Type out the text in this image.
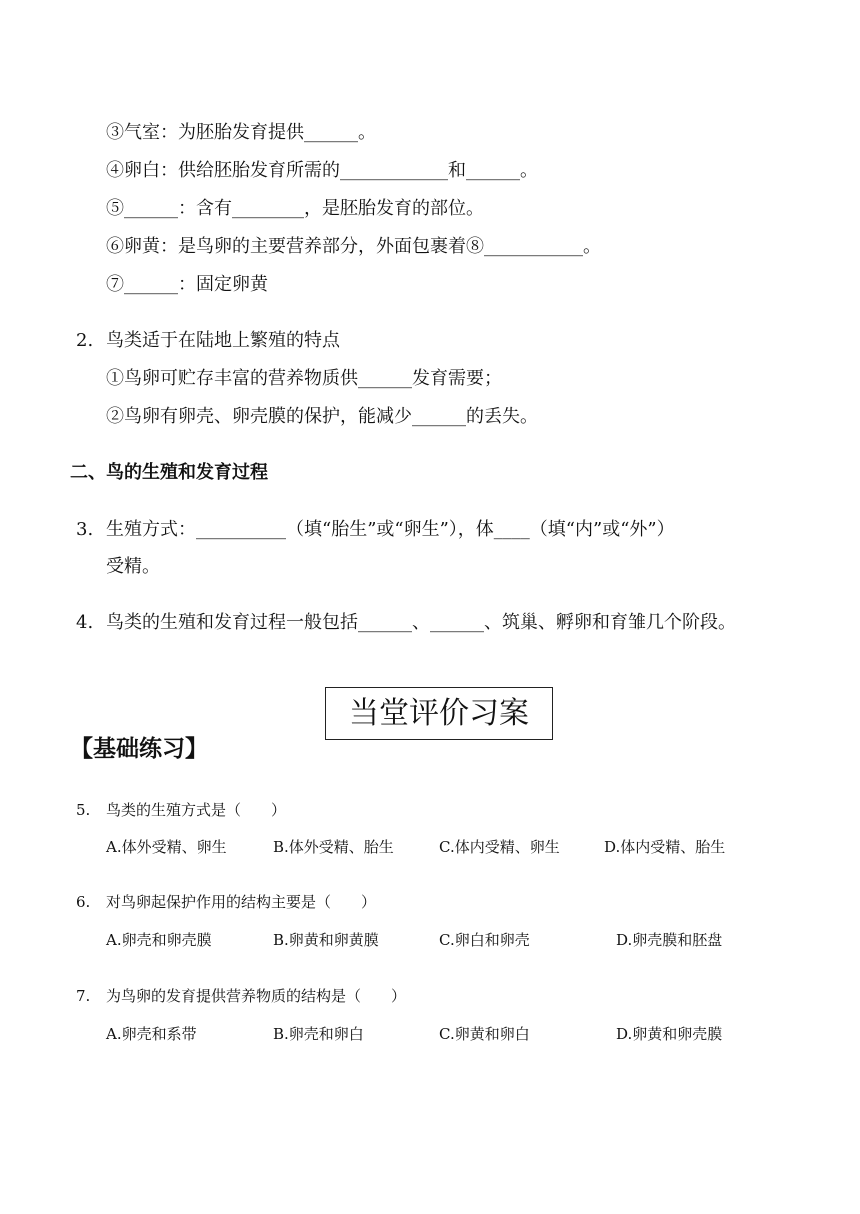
③气室：为胚胎发育提供______。
④卵白：供给胚胎发育所需的____________和______。
⑤______：含有________，是胚胎发育的部位。
⑥卵黄：是鸟卵的主要营养部分，外面包裹着⑧___________。
⑦______：固定卵黄
2. 鸟类适于在陆地上繁殖的特点
①鸟卵可贮存丰富的营养物质供______发育需要；
②鸟卵有卵壳、卵壳膜的保护，能减少______的丢失。
二、鸟的生殖和发育过程
3. 生殖方式：__________（填“胎生”或“卵生”），体____（填“内”或“外”）
受精。
4. 鸟类的生殖和发育过程一般包括______、______、筑巢、孵卵和育雏几个阶段。
当堂评价习案
【基础练习】
5. 鸟类的生殖方式是（　　）
A.体外受精、卵生	B.体外受精、胎生	C.体内受精、卵生	D.体内受精、胎生
6. 对鸟卵起保护作用的结构主要是（　　）
A.卵壳和卵壳膜	B.卵黄和卵黄膜	C.卵白和卵壳	D.卵壳膜和胚盘
7. 为鸟卵的发育提供营养物质的结构是（　　）
A.卵壳和系带	B.卵壳和卵白	C.卵黄和卵白	D.卵黄和卵壳膜
